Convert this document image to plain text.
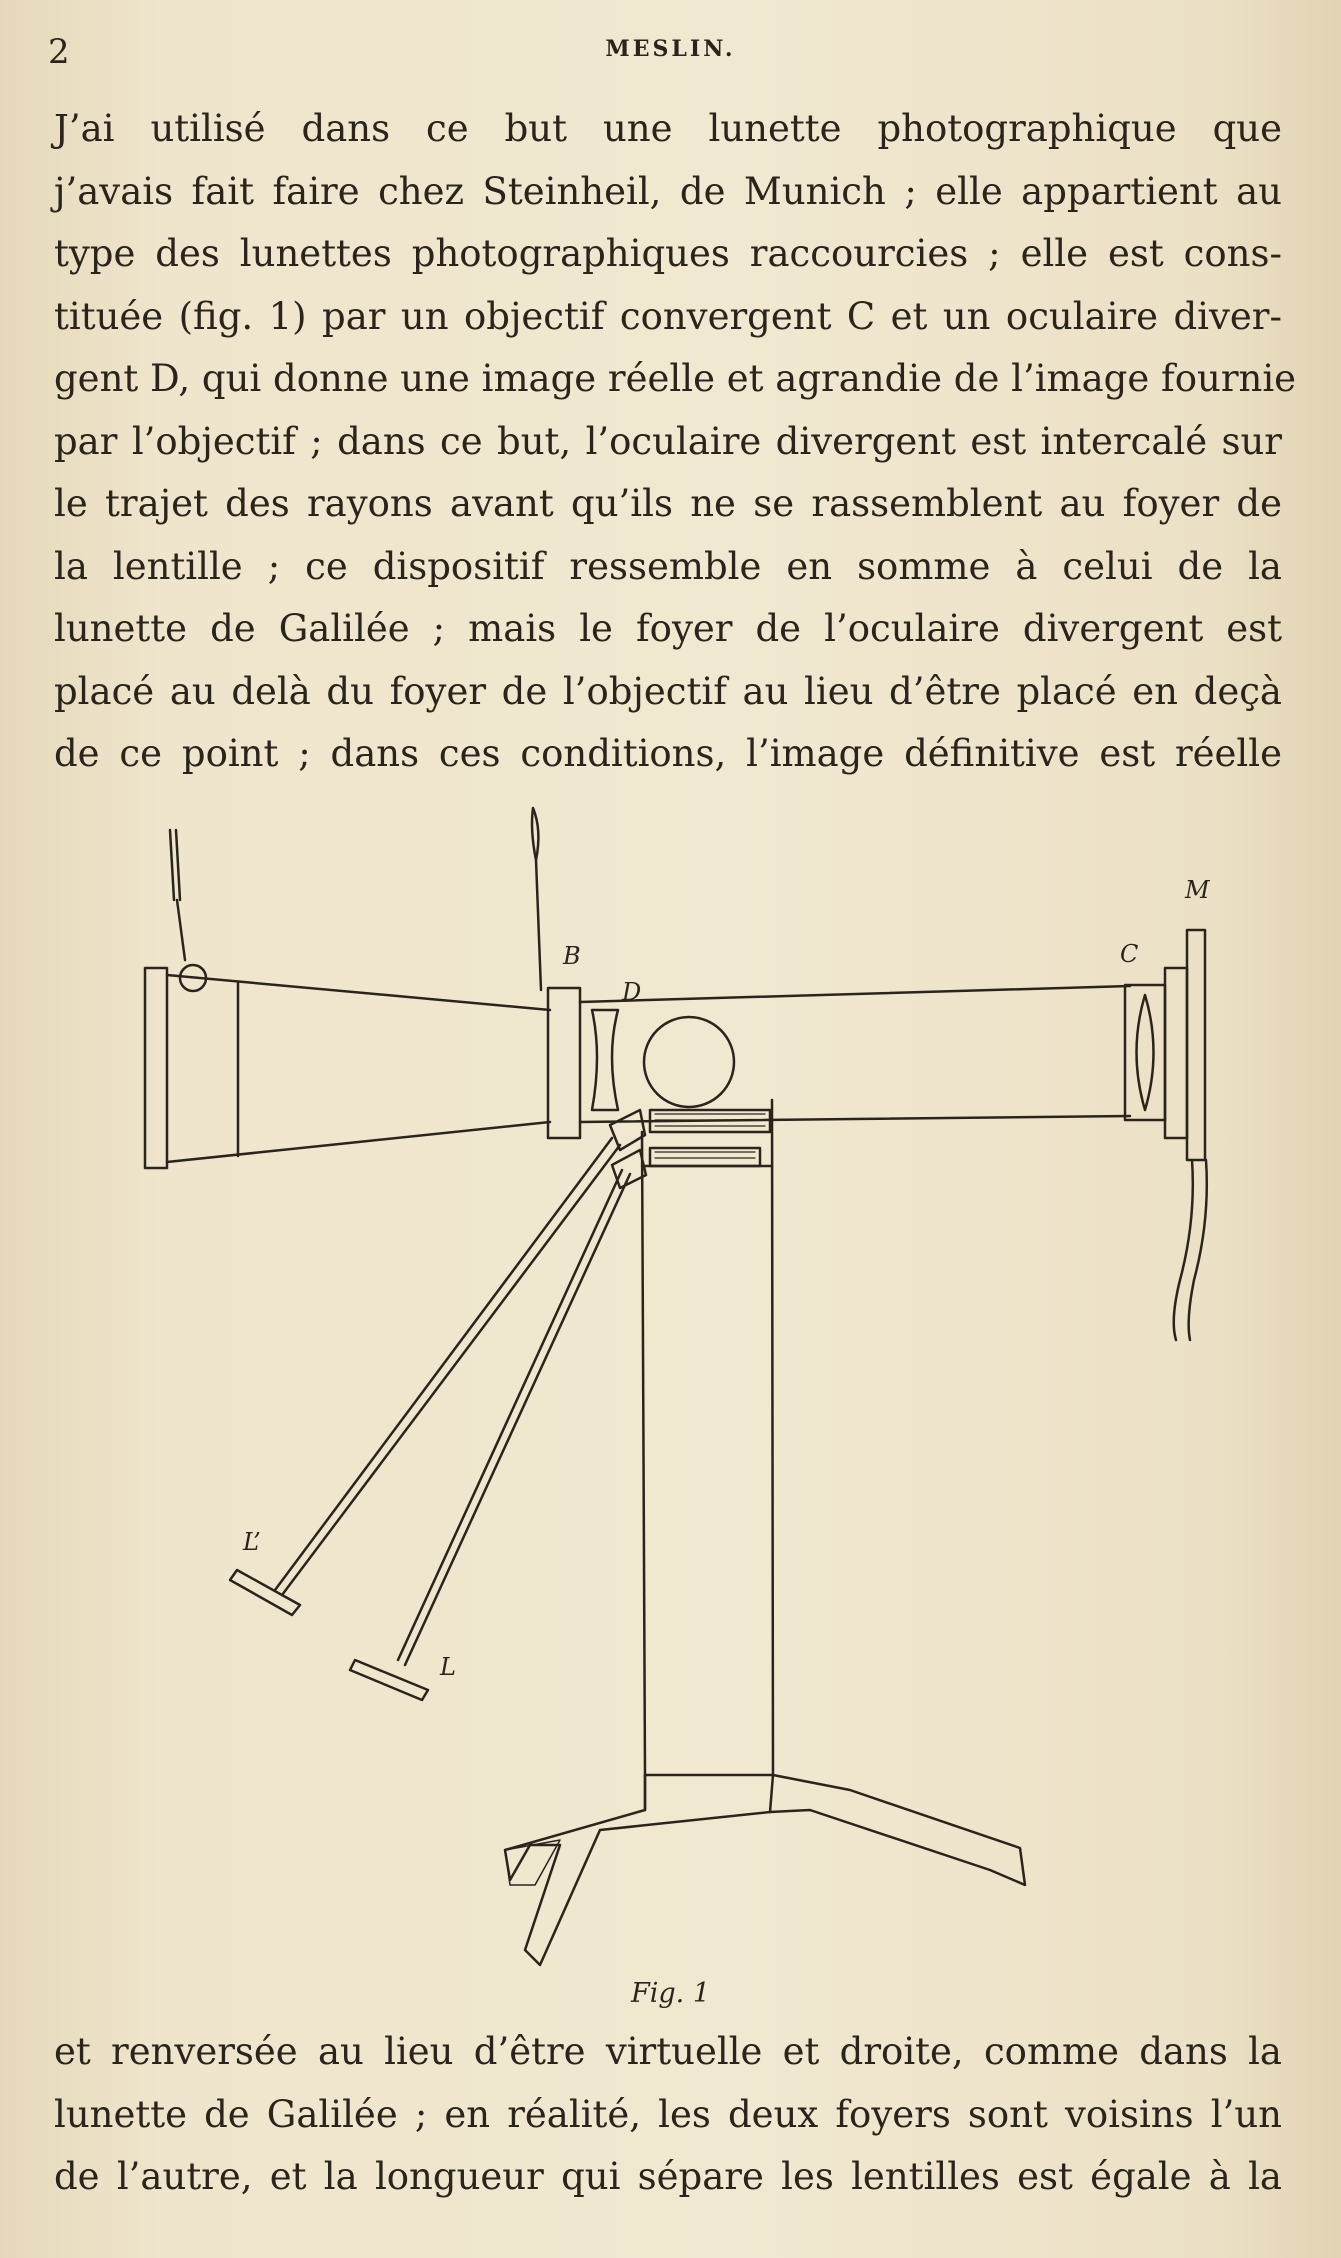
2	MESLIN.
J’ai utilisé dans ce but une lunette photographique que
j’avais fait faire chez Steinheil, de Munich ; elle appartient au
type des lunettes photographiques raccourcies ; elle est cons-
tituée (fig. 1) par un objectif convergent C et un oculaire diver-
gent D, qui donne une image réelle et agrandie de l’image fournie
par l’objectif ; dans ce but, l’oculaire divergent est intercalé sur
le trajet des rayons avant qu’ils ne se rassemblent au foyer de
la lentille ; ce dispositif ressemble en somme à celui de la
lunette de Galilée ; mais le foyer de l’oculaire divergent est
placé au delà du foyer de l’objectif au lieu d’être placé en deçà
de ce point ; dans ces conditions, l’image définitive est réelle
M
C
B
D
L’
L
Fig. 1
et renversée au lieu d’être virtuelle et droite, comme dans la
lunette de Galilée ; en réalité, les deux foyers sont voisins l’un
de l’autre, et la longueur qui sépare les lentilles est égale à la
